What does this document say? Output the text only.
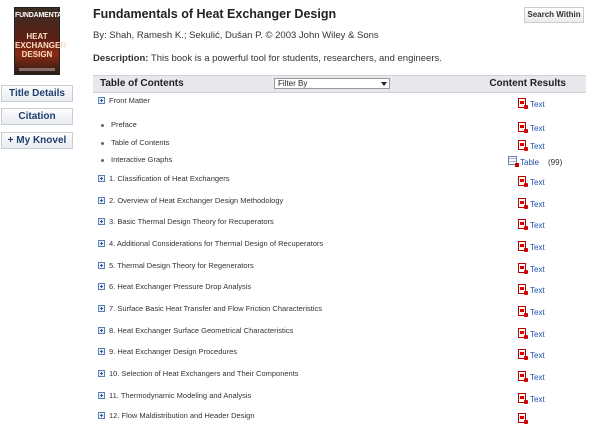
FUNDAMENTALS
HEAT EXCHANGER DESIGN
Title Details
Citation
+ My Knovel
Fundamentals of Heat Exchanger Design	Search Within
By: Shah, Ramesh K.; Sekulić, Dušan P. © 2003 John Wiley & Sons
Description: This book is a powerful tool for students, researchers, and engineers.
Table of Contents	Filter By	Content Results
Front Matter	Text
Preface	Text
Table of Contents	Text
Interactive Graphs	Table (99)
1. Classification of Heat Exchangers	Text
2. Overview of Heat Exchanger Design Methodology	Text
3. Basic Thermal Design Theory for Recuperators	Text
4. Additional Considerations for Thermal Design of Recuperators	Text
5. Thermal Design Theory for Regenerators	Text
6. Heat Exchanger Pressure Drop Analysis	Text
7. Surface Basic Heat Transfer and Flow Friction Characteristics	Text
8. Heat Exchanger Surface Geometrical Characteristics	Text
9. Heat Exchanger Design Procedures	Text
10. Selection of Heat Exchangers and Their Components	Text
11. Thermodynamic Modeling and Analysis	Text
12. Flow Maldistribution and Header Design
